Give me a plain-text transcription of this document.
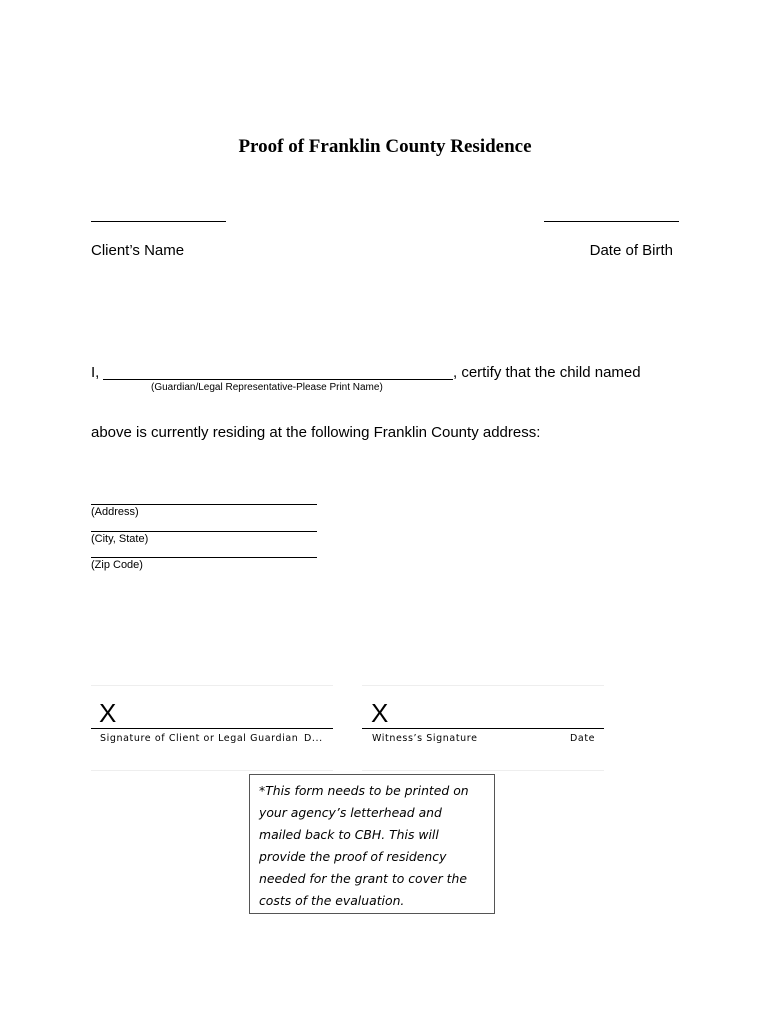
Proof of Franklin County Residence
Client’s Name	Date of Birth
I,	, certify that the child named
(Guardian/Legal Representative-Please Print Name)
above is currently residing at the following Franklin County address:
(Address)
(City, State)
(Zip Code)
X	X
Signature of Client or Legal Guardian D...	Witness’s Signature	Date
*This form needs to be printed on your agency’s letterhead and mailed back to CBH. This will provide the proof of residency needed for the grant to cover the costs of the evaluation.
